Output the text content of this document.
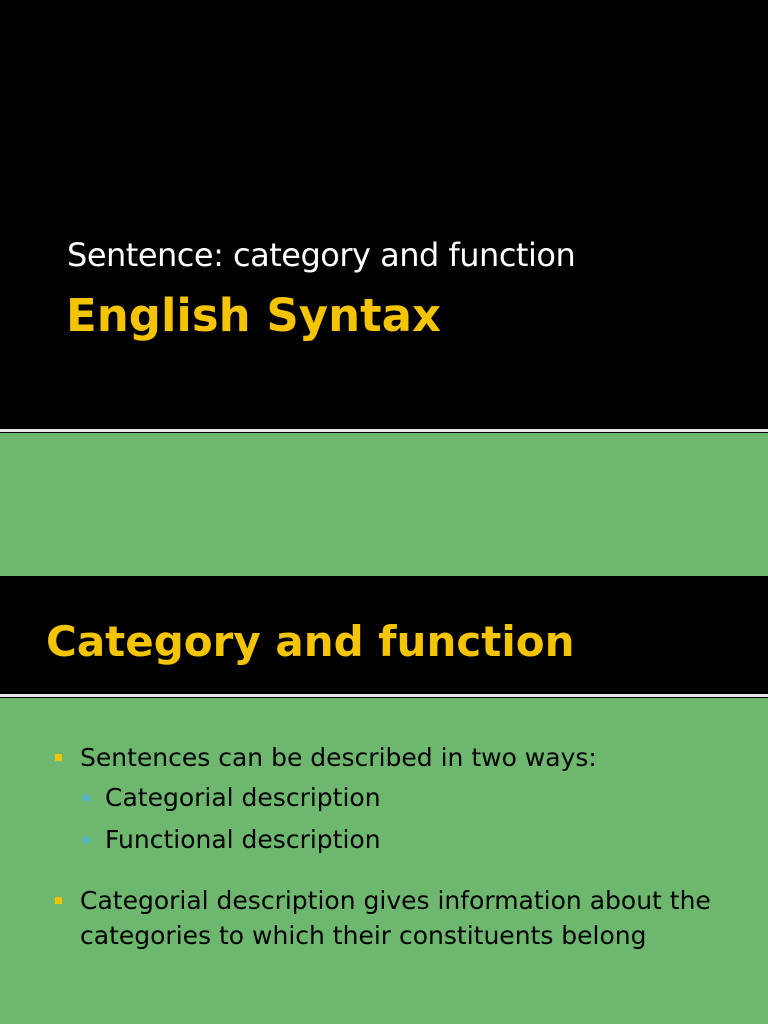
Sentence: category and function
English Syntax
Category and function
Sentences can be described in two ways:
Categorial description
Functional description
Categorial description gives information about the categories to which their constituents belong
